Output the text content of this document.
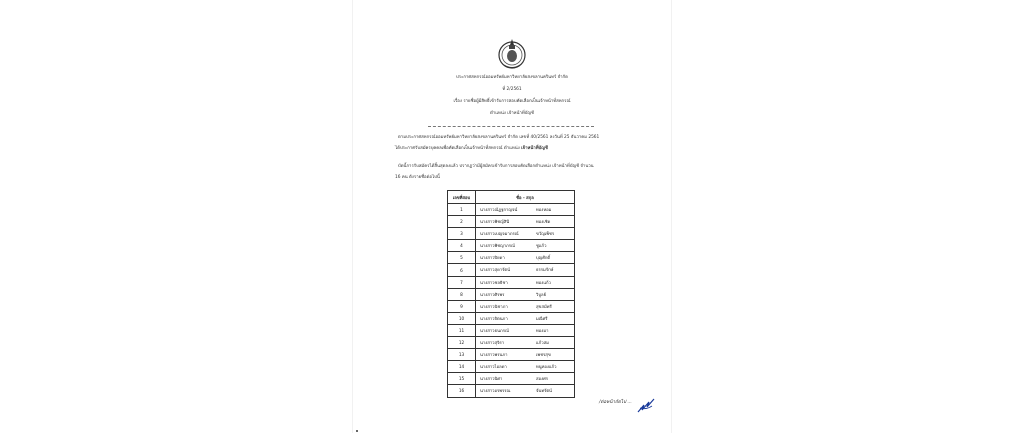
ประกาศสหกรณ์ออมทรัพย์มหาวิทยาลัยสงขลานครินทร์ จำกัด
ที่ 2/2561
เรื่อง รายชื่อผู้มีสิทธิ์เข้ารับการสอบคัดเลือกเป็นเจ้าหน้าที่สหกรณ์
ตำแหน่ง เจ้าหน้าที่บัญชี
ตามประกาศสหกรณ์ออมทรัพย์มหาวิทยาลัยสงขลานครินทร์ จำกัด เลขที่ 40/2561 ลงวันที่ 25 ธันวาคม 2561
ได้ประกาศรับสมัครบุคคลเพื่อคัดเลือกเป็นเจ้าหน้าที่สหกรณ์ ตำแหน่ง เจ้าหน้าที่บัญชี
บัดนี้การรับสมัครได้สิ้นสุดลงแล้ว ปรากฏว่ามีผู้สมัครเข้ารับการสอบคัดเลือกตำแหน่ง เจ้าหน้าที่บัญชี จำนวน
16 คน ดังรายชื่อต่อไปนี้
เลขที่สอบ	ชื่อ - สกุล
1	นางสาวณัฏฐกาญจน์ ทองหอม

2	นางสาวพิชญ์สินี ทองเชิด

3	นางสาวเบญจมาภรณ์ ขวัญเพ็ชร

4	นางสาวพิชญาภรณ์ ชูแก้ว

5	นางสาวปิยดา บุญศักดิ์

6	นางสาวสุดารัตน์ ธรรมรักษ์

7	นางสาวชลธิชา ทองแก้ว

8	นางสาวศิรพร วิบูลย์

9	นางสาวนิชาภา สุขสมัครี

10	นางสาวจิตนภา มณีศรี

11	นางสาวธนภรณ์ ทองมา

12	นางสาวสุจิรา แก้วสม

13	นางสาวพรนภา เพชรสุข

14	นางสาวไอลดา หนูทองแก้ว

15	นางสาวนิศา สองศร

16	นางสาวอรพรรณ จันทรัตน์
/ต่อหน้าถัดไป ...
